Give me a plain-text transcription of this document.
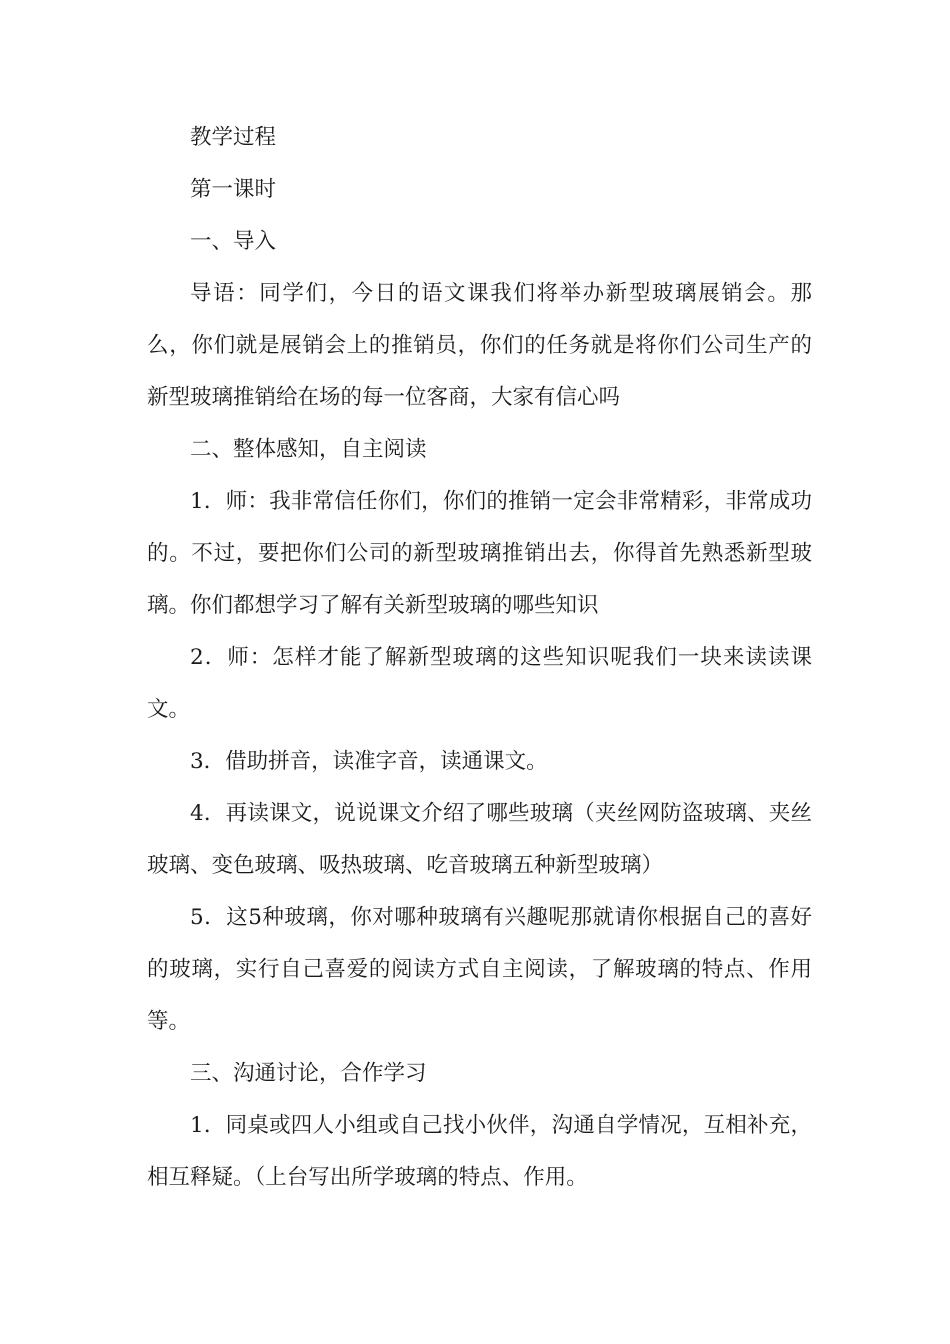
教学过程

第一课时

一、导入

导语：同学们，今日的语文课我们将举办新型玻璃展销会。那么，你们就是展销会上的推销员，你们的任务就是将你们公司生产的新型玻璃推销给在场的每一位客商，大家有信心吗

二、整体感知，自主阅读

1．师：我非常信任你们，你们的推销一定会非常精彩，非常成功的。不过，要把你们公司的新型玻璃推销出去，你得首先熟悉新型玻璃。你们都想学习了解有关新型玻璃的哪些知识

2．师：怎样才能了解新型玻璃的这些知识呢我们一块来读读课文。

3．借助拼音，读准字音，读通课文。

4．再读课文，说说课文介绍了哪些玻璃（夹丝网防盗玻璃、夹丝玻璃、变色玻璃、吸热玻璃、吃音玻璃五种新型玻璃）

5．这5种玻璃，你对哪种玻璃有兴趣呢那就请你根据自己的喜好的玻璃，实行自己喜爱的阅读方式自主阅读，了解玻璃的特点、作用等。

三、沟通讨论，合作学习

1．同桌或四人小组或自己找小伙伴，沟通自学情况，互相补充，相互释疑。（上台写出所学玻璃的特点、作用。
